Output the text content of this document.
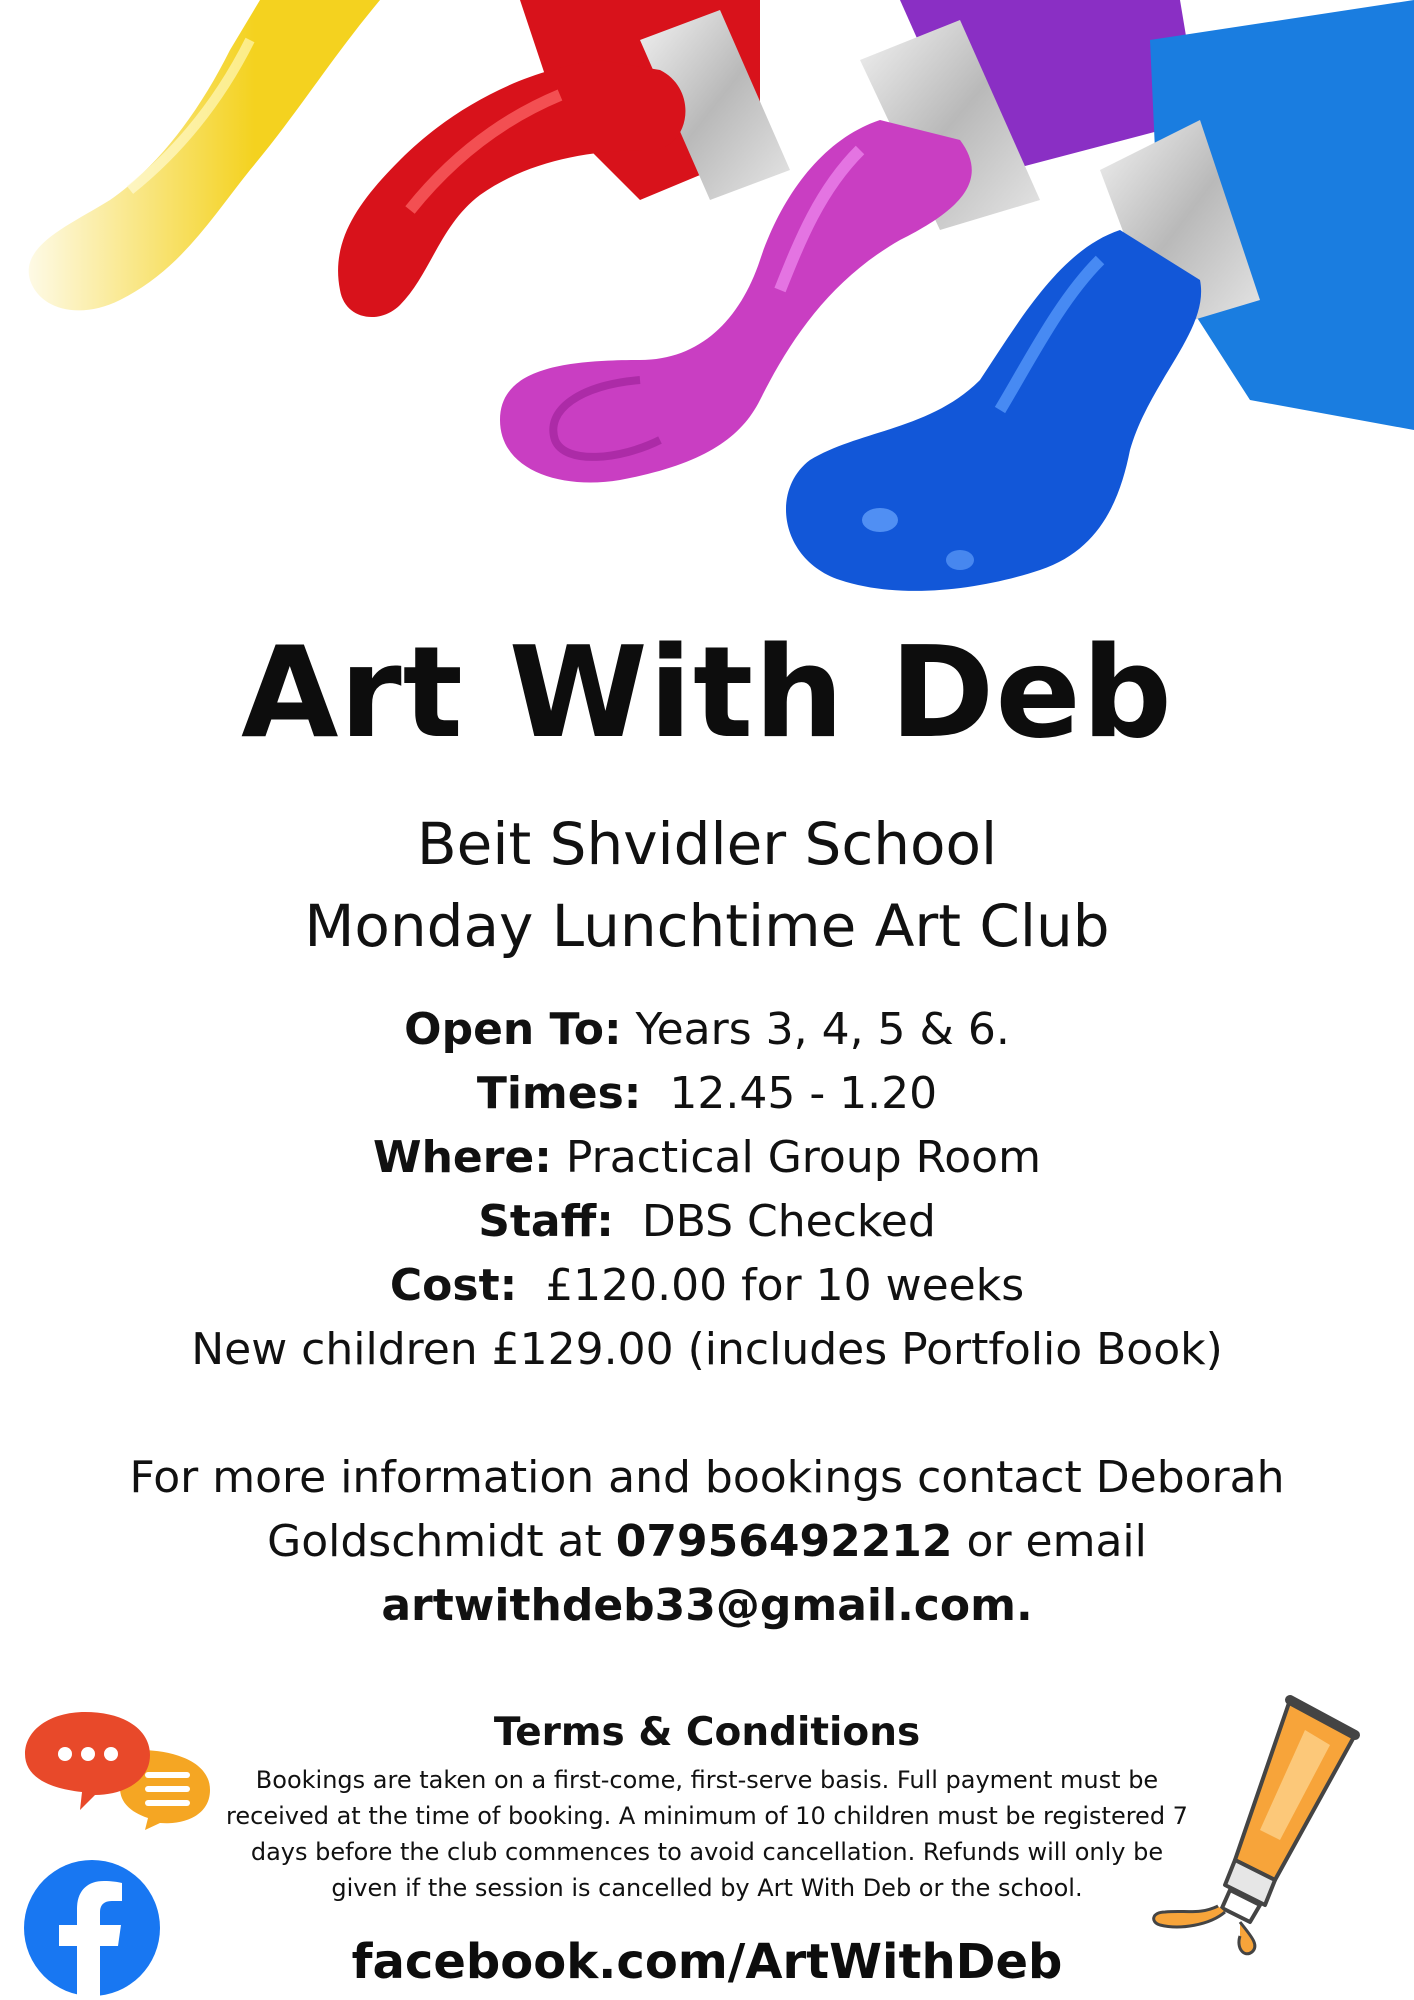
Art With Deb
Beit Shvidler School
Monday Lunchtime Art Club
Open To: Years 3, 4, 5 & 6.
Times:  12.45 - 1.20
Where: Practical Group Room
Staff:  DBS Checked
Cost:  £120.00 for 10 weeks
New children £129.00 (includes Portfolio Book)
For more information and bookings contact Deborah
Goldschmidt at 07956492212 or email
artwithdeb33@gmail.com.
Terms & Conditions
Bookings are taken on a first-come, first-serve basis. Full payment must be
received at the time of booking. A minimum of 10 children must be registered 7
days before the club commences to avoid cancellation. Refunds will only be
given if the session is cancelled by Art With Deb or the school.
facebook.com/ArtWithDeb
